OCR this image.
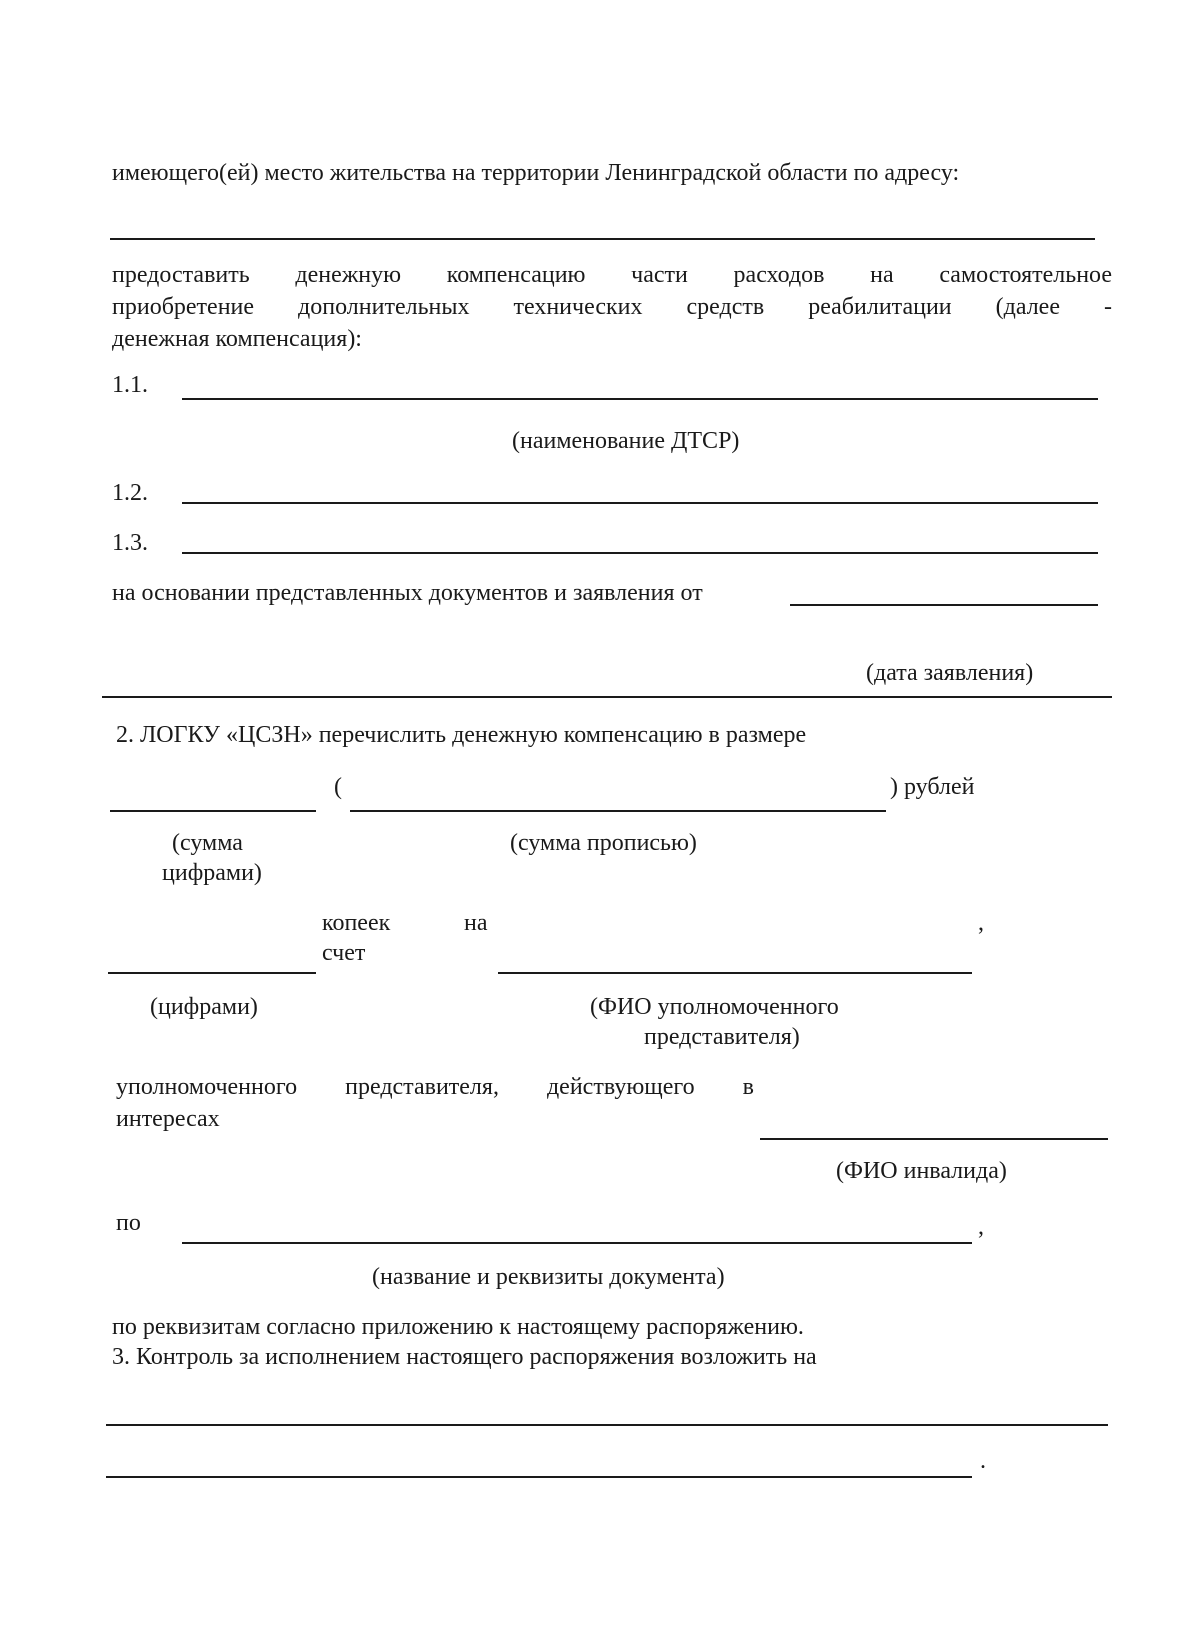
имеющего(ей) место жительства на территории Ленинградской области по адресу:
предоставить денежную компенсацию части расходов на самостоятельное
приобретение дополнительных технических средств реабилитации (далее -
денежная компенсация):
1.1.
(наименование ДТСР)
1.2.
1.3.
на основании представленных документов и заявления от
(дата заявления)
2. ЛОГКУ «ЦСЗН» перечислить денежную компенсацию в размере
(	) рублей
(сумма
цифрами)
(сумма прописью)
копеек	на
счет
,
(цифрами)	(ФИО уполномоченного
представителя)
уполномоченного представителя, действующего в
интересах
(ФИО инвалида)
по	,
(название и реквизиты документа)
по реквизитам согласно приложению к настоящему распоряжению.
3. Контроль за исполнением настоящего распоряжения возложить на
.
